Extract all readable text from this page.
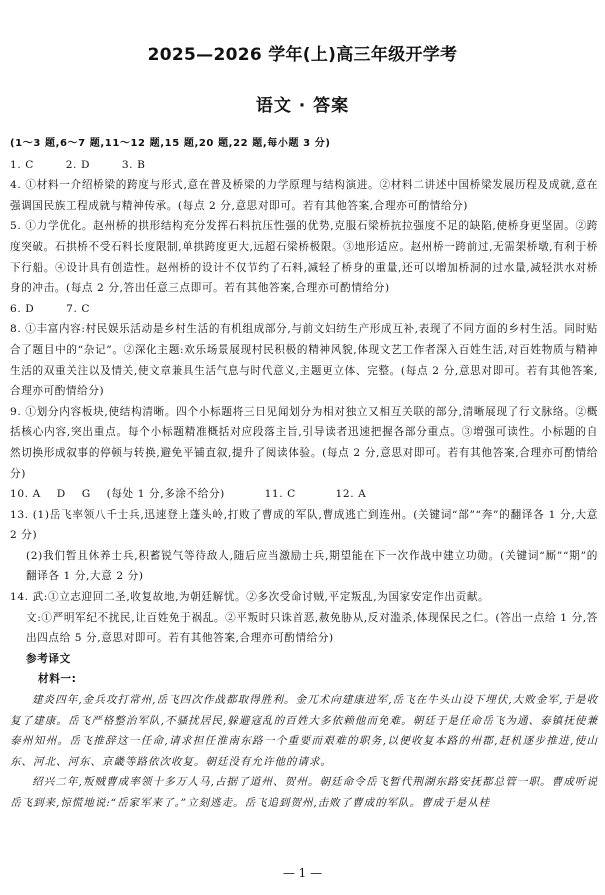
2025—2026 学年(上)高三年级开学考
语文 · 答案

(1～3 题,6～7 题,11～12 题,15 题,20 题,22 题,每小题 3 分)

1. C        2. D        3. B

4. ①材料一介绍桥梁的跨度与形式,意在普及桥梁的力学原理与结构演进。②材料二讲述中国桥梁发展历程及成就,意在强调国民族工程成就与精神传承。(每点 2 分,意思对即可。若有其他答案,合理亦可酌情给分)

5. ①力学优化。赵州桥的拱形结构充分发挥石料抗压性强的优势,克服石梁桥抗拉强度不足的缺陷,使桥身更坚固。②跨度突破。石拱桥不受石料长度限制,单拱跨度更大,远超石梁桥极限。③地形适应。赵州桥一跨前过,无需架桥墩,有利于桥下行船。④设计具有创造性。赵州桥的设计不仅节约了石料,减轻了桥身的重量,还可以增加桥洞的过水量,减轻洪水对桥身的冲击。(每点 2 分,答出任意三点即可。若有其他答案,合理亦可酌情给分)

6. D        7. C

8. ①丰富内容:村民娱乐活动是乡村生活的有机组成部分,与前文妇纺生产形成互补,表现了不同方面的乡村生活。同时贴合了题目中的“杂记”。②深化主题:欢乐场景展现村民积极的精神风貌,体现文艺工作者深入百姓生活,对百姓物质与精神生活的双重关注以及情关,使文章兼具生活气息与时代意义,主题更立体、完整。(每点 2 分,意思对即可。若有其他答案,合理亦可酌情给分)

9. ①划分内容板块,使结构清晰。四个小标题将三日见闻划分为相对独立又相互关联的部分,清晰展现了行文脉络。②概括核心内容,突出重点。每个小标题精准概括对应段落主旨,引导读者迅速把握各部分重点。③增强可读性。小标题的自然切换形成叙事的停顿与转换,避免平铺直叙,提升了阅读体验。(每点 2 分,意思对即可。若有其他答案,合理亦可酌情给分)

10. A    D    G    (每处 1 分,多涂不给分)          11. C          12. A

13. (1)岳飞率领八千士兵,迅速登上蓬头岭,打败了曹成的军队,曹成逃亡到连州。(关键词“部”“奔”的翻译各 1 分,大意 2 分)

(2)我们暂且休养士兵,积蓄锐气等待敌人,随后应当激励士兵,期望能在下一次作战中建立功勋。(关键词“厮”“期”的翻译各 1 分,大意 2 分)

14. 武:①立志迎回二圣,收复故地,为朝廷解忧。②多次受命讨贼,平定叛乱,为国家安定作出贡献。

文:①严明军纪不扰民,让百姓免于祸乱。②平叛时只诛首恶,赦免胁从,反对滥杀,体现保民之仁。(答出一点给 1 分,答出四点给 5 分,意思对即可。若有其他答案,合理亦可酌情给分)

参考译文

材料一:

建炎四年,金兵攻打常州,岳飞四次作战都取得胜利。金兀术向建康进军,岳飞在牛头山设下埋伏,大败金军,于是收复了建康。岳飞严格整治军队,不骚扰居民,躲避寇乱的百姓大多依赖他而免难。朝廷于是任命岳飞为通、泰镇抚使兼泰州知州。岳飞推辞这一任命,请求担任淮南东路一个重要而艰难的职务,以便收复本路的州郡,赶机逐步推进,使山东、河北、河东、京畿等路依次收复。朝廷没有允许他的请求。

绍兴二年,叛贼曹成率领十多万人马,占据了道州、贺州。朝廷命令岳飞暂代荆湖东路安抚都总管一职。曹成听说岳飞到来,惊慌地说:“岳家军来了。”立刻逃走。岳飞追到贺州,击败了曹成的军队。曹成于是从桂

— 1 —
